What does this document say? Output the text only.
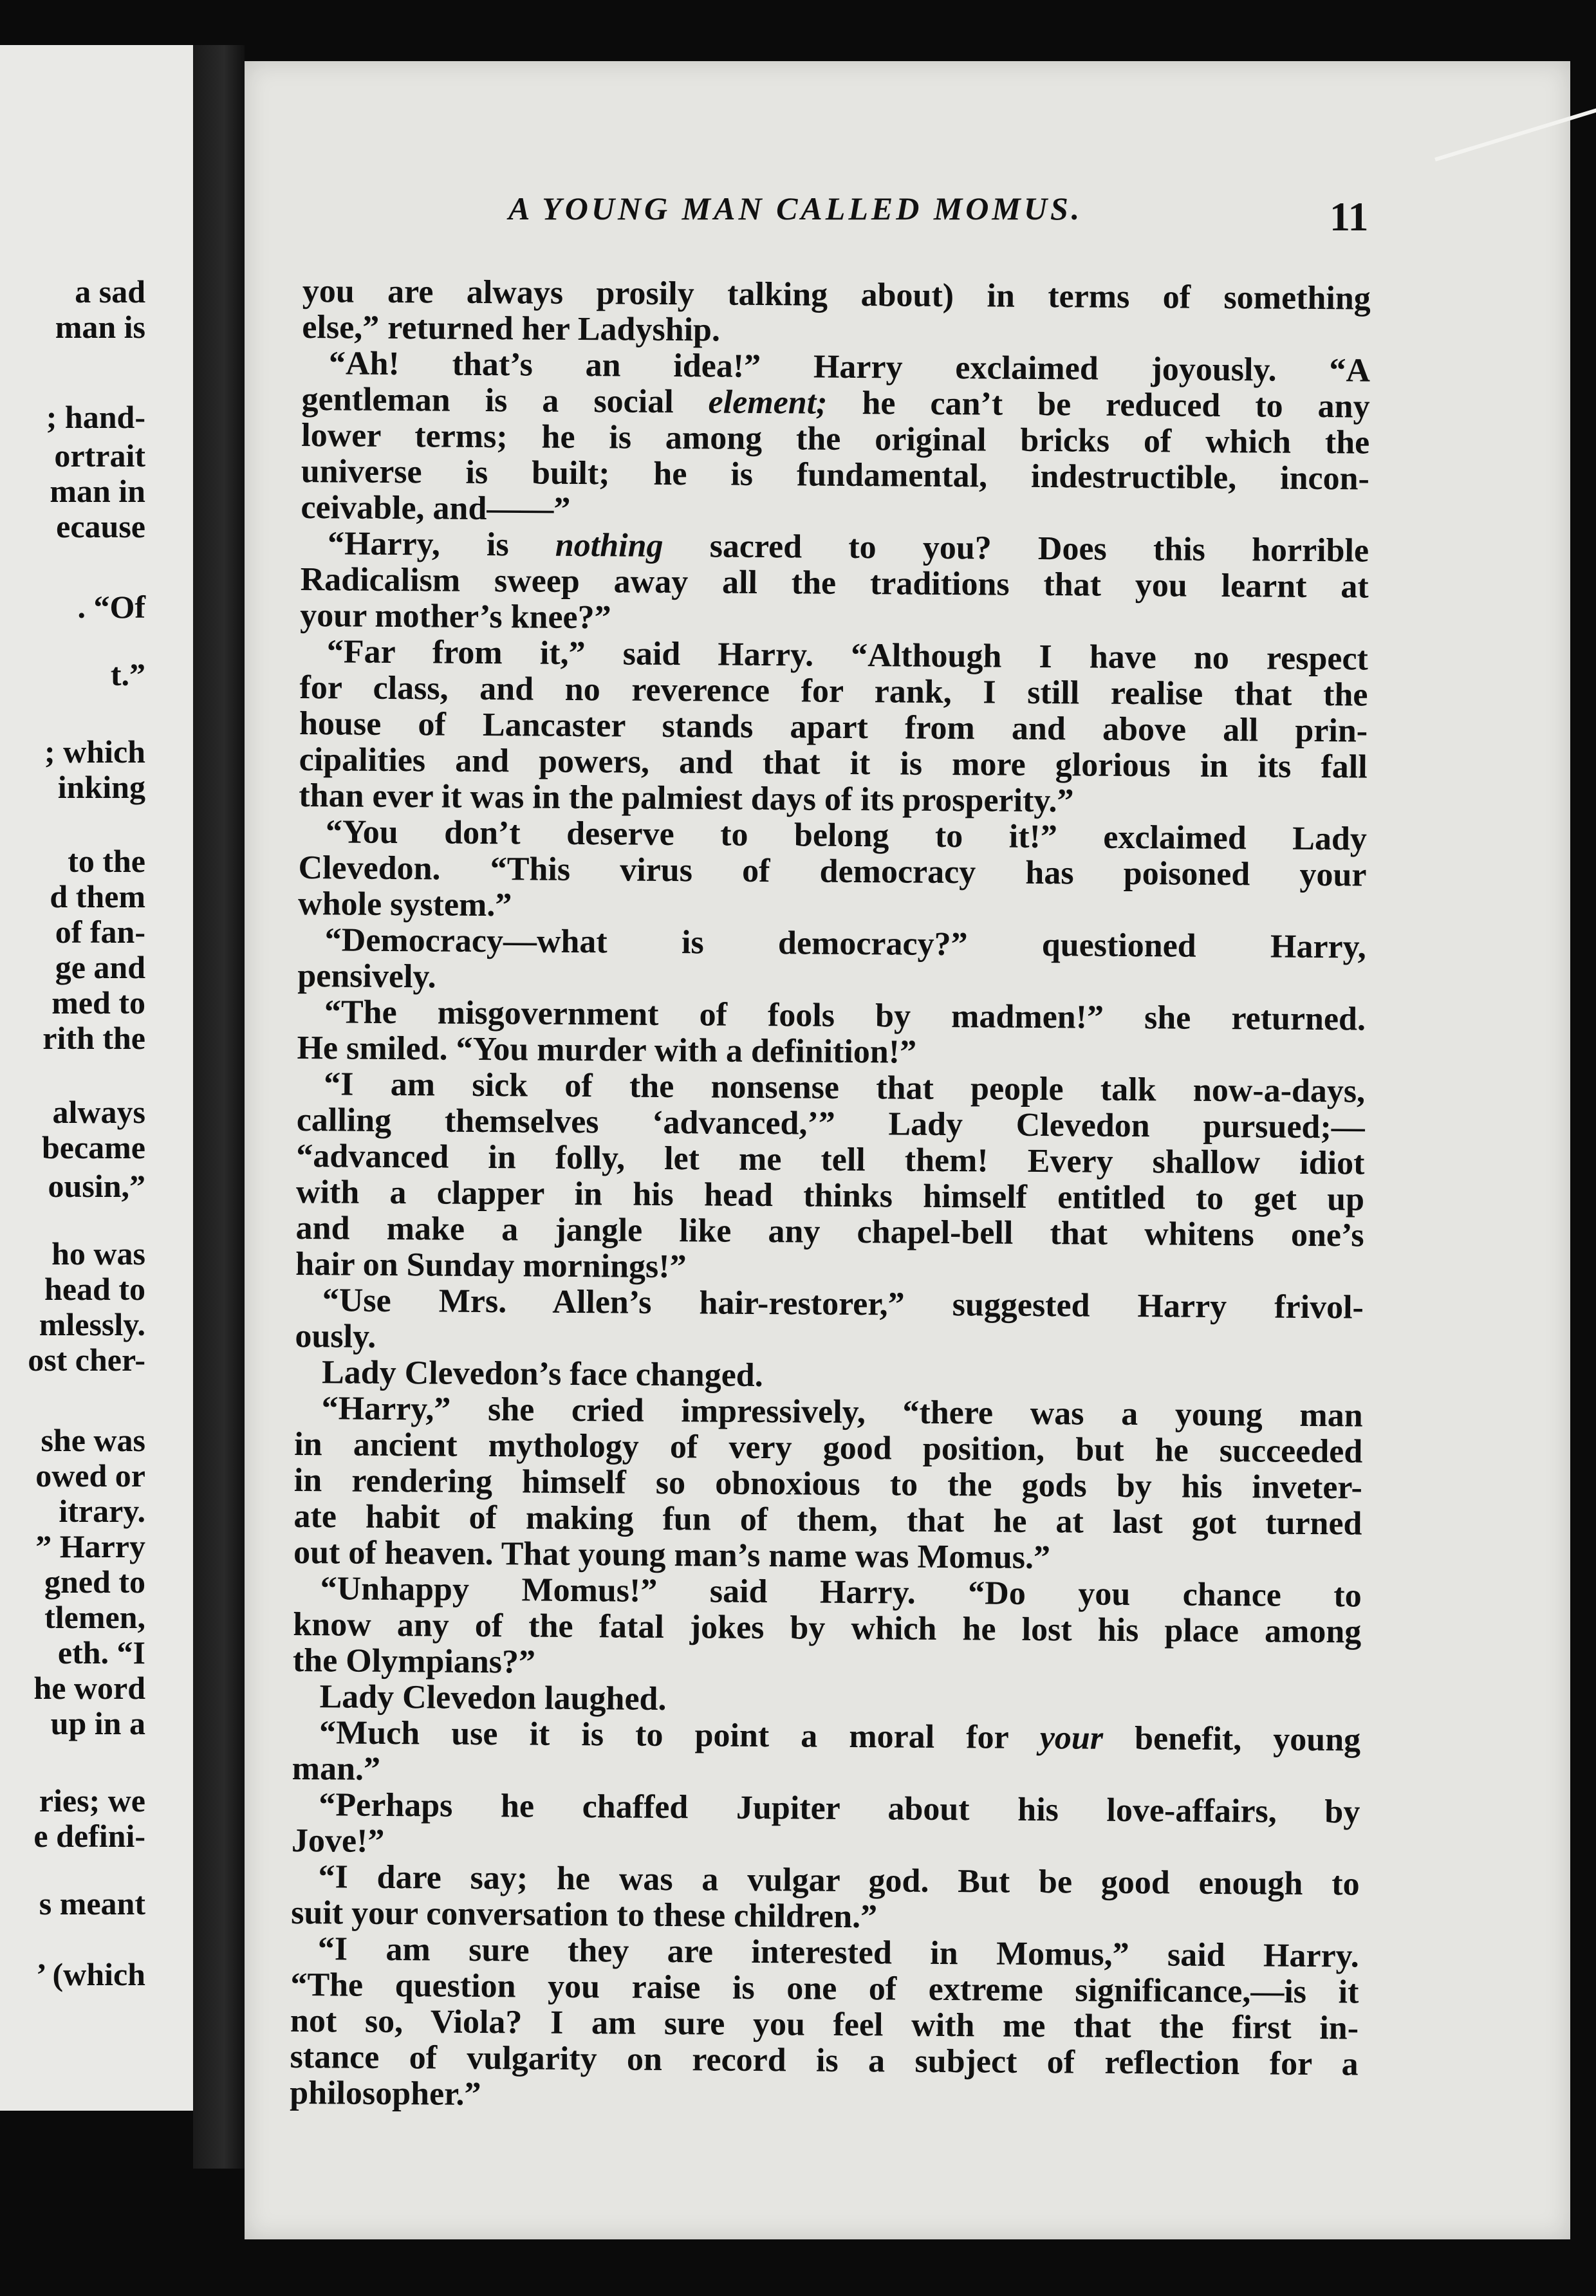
a sad
man is
; hand-
ortrait
man in
ecause
. “Of
t.”
; which
inking
to the
d them
of fan-
ge and
med to
rith the
always
became
ousin,”
ho was
head to
mlessly.
ost cher-
she was
owed or
itrary.
” Harry
gned to
tlemen,
eth. “I
he word
up in a
ries; we
e defini-
s meant
’ (which
A YOUNG MAN CALLED MOMUS.	11
you are always prosily talking about) in terms of something
else,” returned her Ladyship.
“Ah! that’s an idea!” Harry exclaimed joyously. “A
gentleman is a social element; he can’t be reduced to any
lower terms; he is among the original bricks of which the
universe is built; he is fundamental, indestructible, incon-
ceivable, and——”
“Harry, is nothing sacred to you? Does this horrible
Radicalism sweep away all the traditions that you learnt at
your mother’s knee?”
“Far from it,” said Harry. “Although I have no respect
for class, and no reverence for rank, I still realise that the
house of Lancaster stands apart from and above all prin-
cipalities and powers, and that it is more glorious in its fall
than ever it was in the palmiest days of its prosperity.”
“You don’t deserve to belong to it!” exclaimed Lady
Clevedon. “This virus of democracy has poisoned your
whole system.”
“Democracy—what is democracy?” questioned Harry,
pensively.
“The misgovernment of fools by madmen!” she returned.
He smiled. “You murder with a definition!”
“I am sick of the nonsense that people talk now-a-days,
calling themselves ‘advanced,’” Lady Clevedon pursued;—
“advanced in folly, let me tell them! Every shallow idiot
with a clapper in his head thinks himself entitled to get up
and make a jangle like any chapel-bell that whitens one’s
hair on Sunday mornings!”
“Use Mrs. Allen’s hair-restorer,” suggested Harry frivol-
ously.
Lady Clevedon’s face changed.
“Harry,” she cried impressively, “there was a young man
in ancient mythology of very good position, but he succeeded
in rendering himself so obnoxious to the gods by his inveter-
ate habit of making fun of them, that he at last got turned
out of heaven. That young man’s name was Momus.”
“Unhappy Momus!” said Harry. “Do you chance to
know any of the fatal jokes by which he lost his place among
the Olympians?”
Lady Clevedon laughed.
“Much use it is to point a moral for your benefit, young
man.”
“Perhaps he chaffed Jupiter about his love-affairs, by
Jove!”
“I dare say; he was a vulgar god. But be good enough to
suit your conversation to these children.”
“I am sure they are interested in Momus,” said Harry.
“The question you raise is one of extreme significance,—is it
not so, Viola? I am sure you feel with me that the first in-
stance of vulgarity on record is a subject of reflection for a
philosopher.”
